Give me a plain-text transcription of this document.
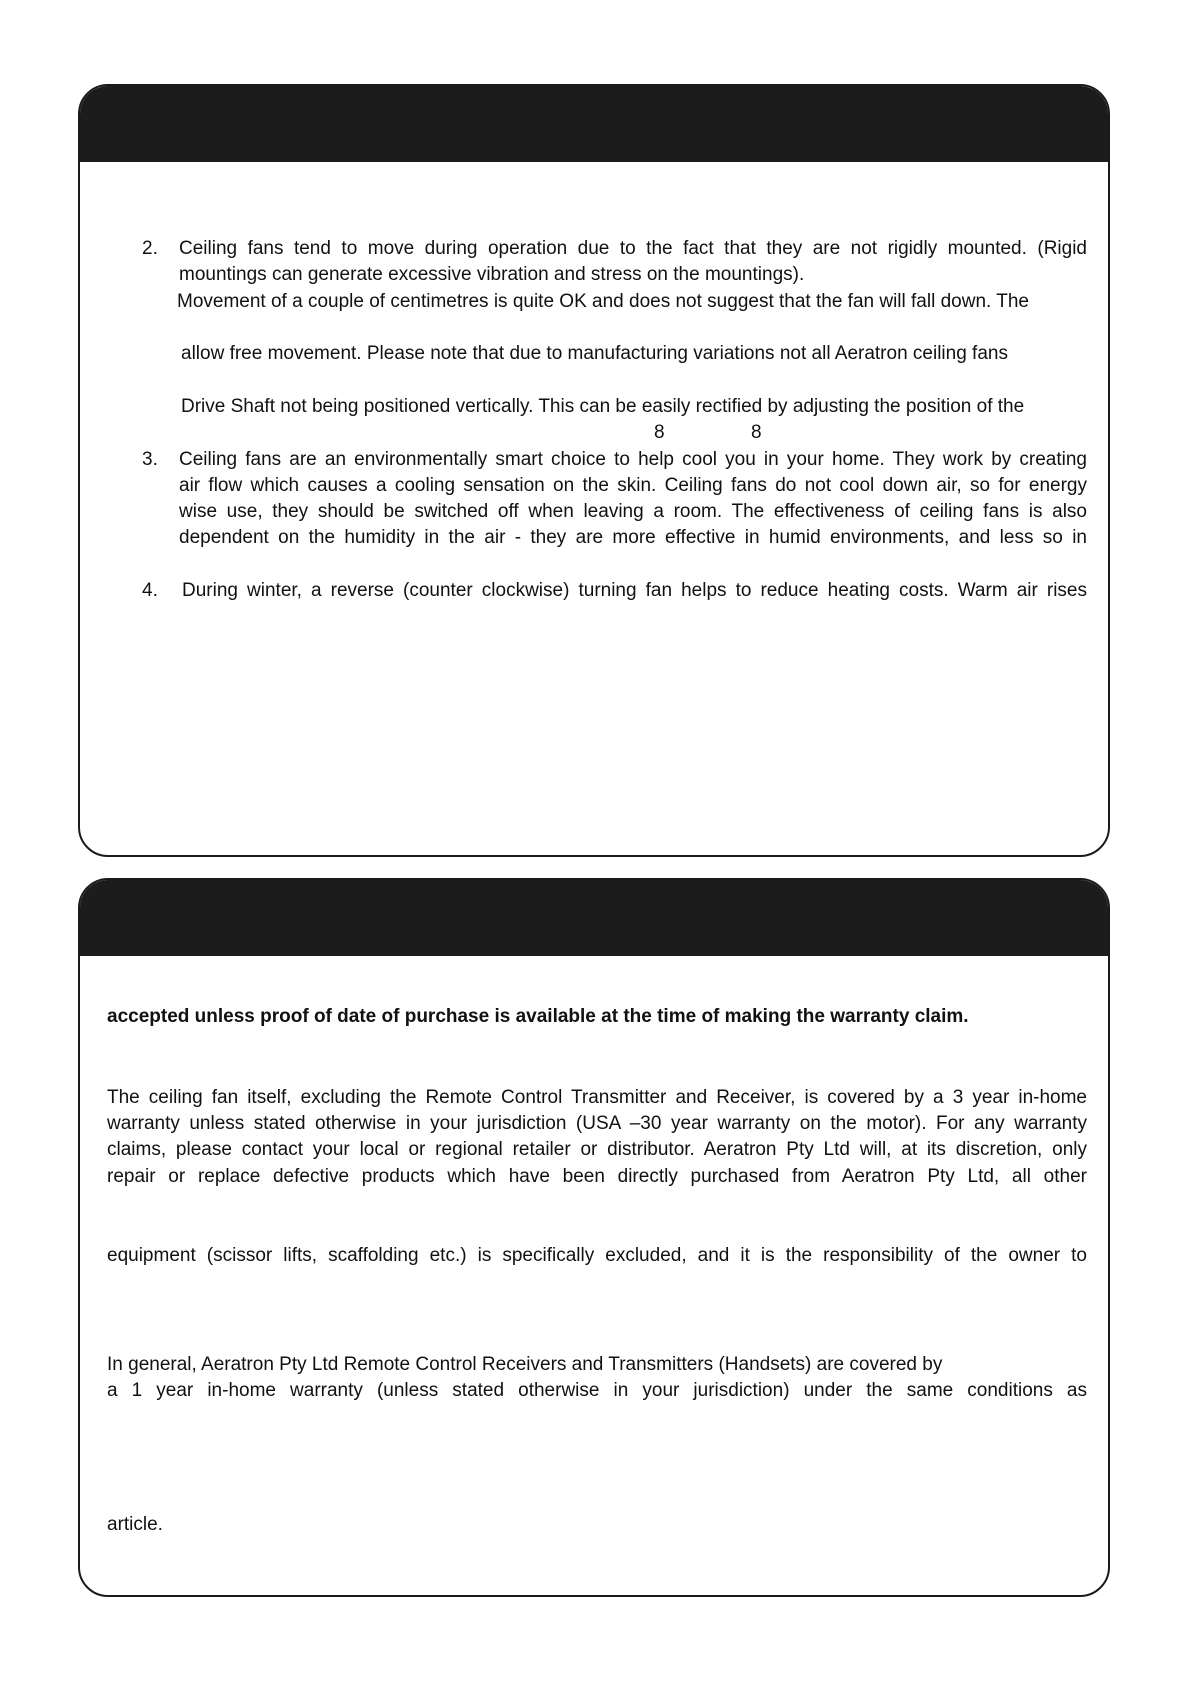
2. Ceiling fans tend to move during operation due to the fact that they are not rigidly mounted. (Rigid

mountings can generate excessive vibration and stress on the mountings).

Movement of a couple of centimetres is quite OK and does not suggest that the fan will fall down. The

allow free movement. Please note that due to manufacturing variations not all Aeratron ceiling fans

Drive Shaft not being positioned vertically. This can be easily rectified by adjusting the position of the

8	8
3. Ceiling fans are an environmentally smart choice to help cool you in your home. They work by creating

air flow which causes a cooling sensation on the skin. Ceiling fans do not cool down air, so for energy

wise use, they should be switched off when leaving a room. The effectiveness of ceiling fans is also

dependent on the humidity in the air - they are more effective in humid environments, and less so in

4. During winter, a reverse (counter clockwise) turning fan helps to reduce heating costs. Warm air rises

accepted unless proof of date of purchase is available at the time of making the warranty claim.

The ceiling fan itself, excluding the Remote Control Transmitter and Receiver, is covered by a 3 year in-home

warranty unless stated otherwise in your jurisdiction (USA –30 year warranty on the motor). For any warranty

claims, please contact your local or regional retailer or distributor. Aeratron Pty Ltd will, at its discretion, only

repair or replace defective products which have been directly purchased from Aeratron Pty Ltd, all other

equipment (scissor lifts, scaffolding etc.) is specifically excluded, and it is the responsibility of the owner to

In general, Aeratron Pty Ltd Remote Control Receivers and Transmitters (Handsets) are covered by

a 1 year in-home warranty (unless stated otherwise in your jurisdiction) under the same conditions as

article.
